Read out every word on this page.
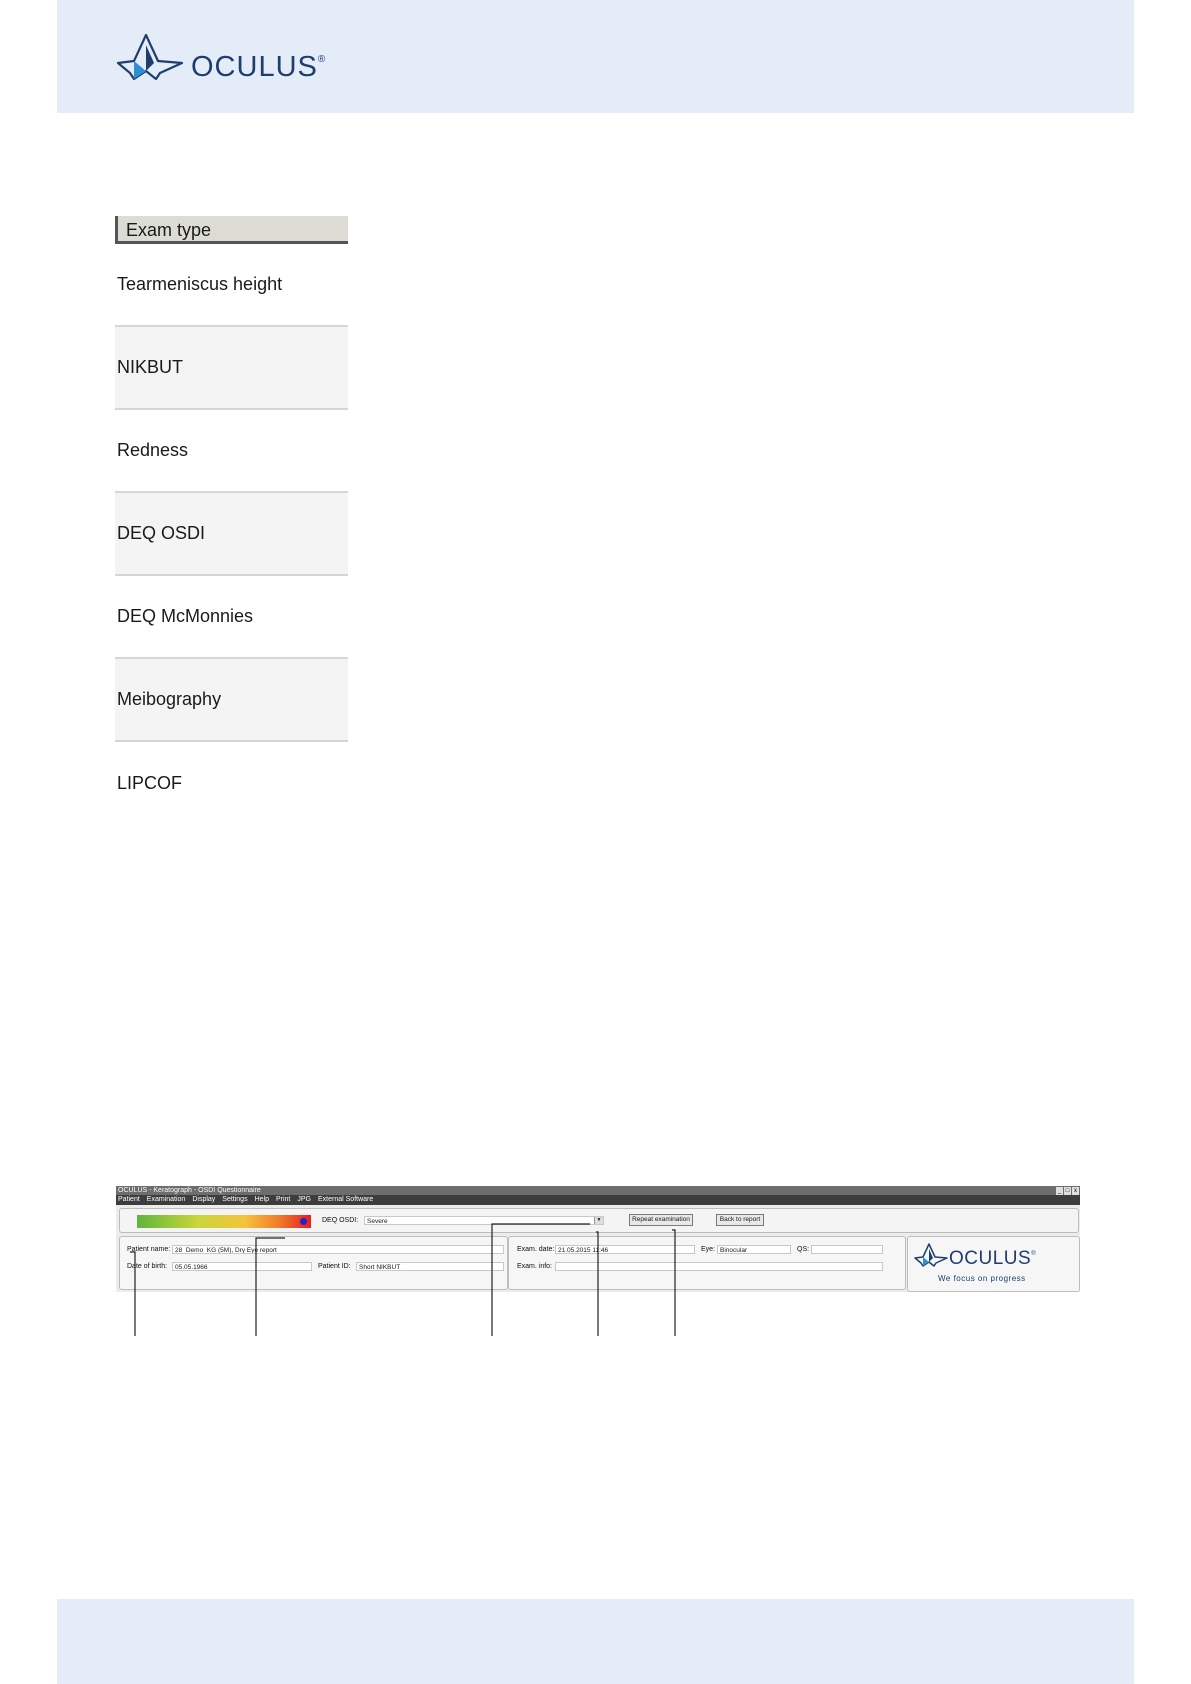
OCULUS®
Exam type
Tearmeniscus height
NIKBUT
Redness
DEQ OSDI
DEQ McMonnies
Meibography
LIPCOF
OCULUS - Keratograph - OSDI Questionnaire	_ □ x
Patient Examination Display Settings Help Print JPG External Software
DEQ OSDI:	Severe	▼	Repeat examination	Back to report
Patient name: 28_Demo_KG (5M), Dry Eye report
Date of birth:	05.05.1966	Patient ID:	Short NIKBUT
Exam. date: 21.05.2015 11:46	Eye: Binocular	QS:
Exam. info:	OCULUS®
We focus on progress
